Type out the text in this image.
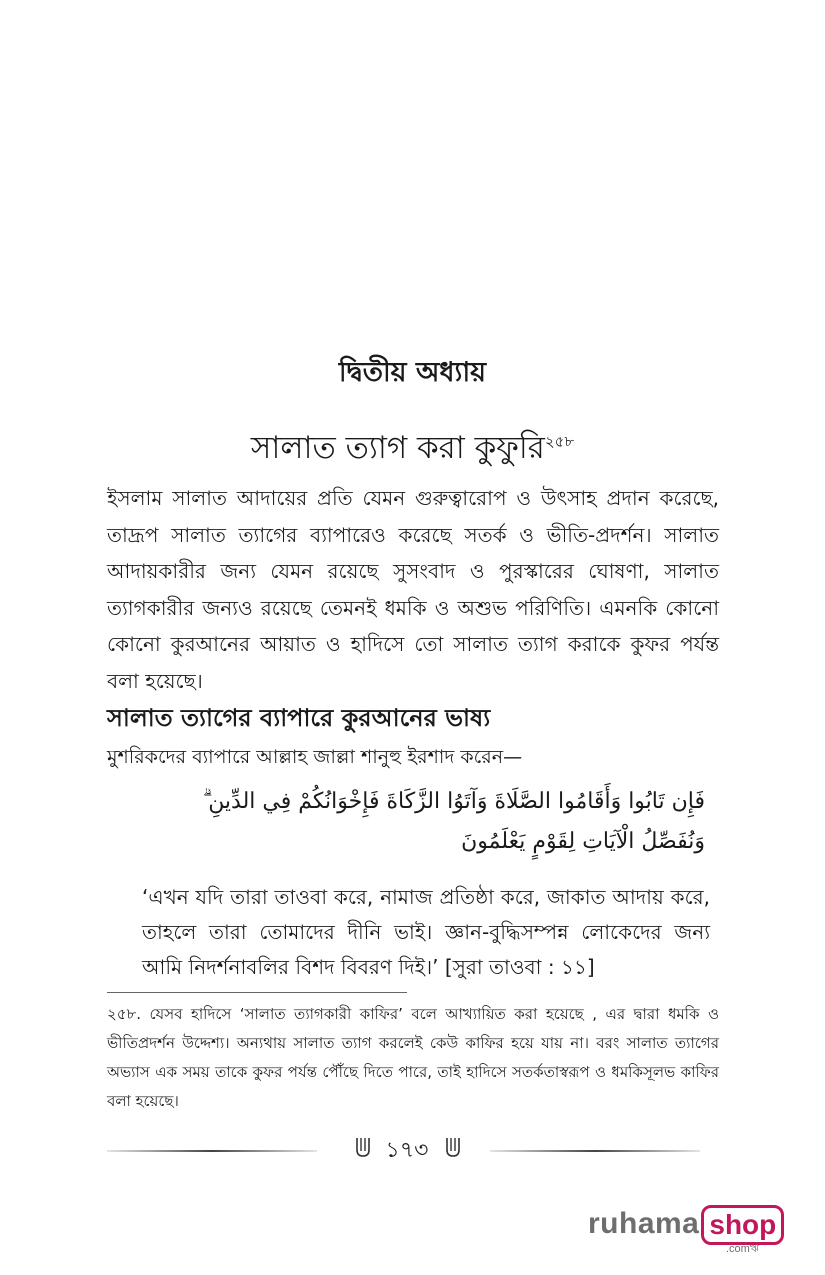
দ্বিতীয় অধ্যায়
সালাত ত্যাগ করা কুফুরি$^{২৫৮}$
ইসলাম সালাত আদায়ের প্রতি যেমন গুরুত্বারোপ ও উৎসাহ প্রদান করেছে, তাদ্রূপ সালাত ত্যাগের ব্যাপারেও করেছে সতর্ক ও ভীতি-প্রদর্শন। সালাত আদায়কারীর জন্য যেমন রয়েছে সুসংবাদ ও পুরস্কারের ঘোষণা, সালাত ত্যাগকারীর জন্যও রয়েছে তেমনই ধমকি ও অশুভ পরিণিতি। এমনকি কোনো কোনো কুরআনের আয়াত ও হাদিসে তো সালাত ত্যাগ করাকে কুফর পর্যন্ত বলা হয়েছে।
সালাত ত্যাগের ব্যাপারে কুরআনের ভাষ্য
মুশরিকদের ব্যাপারে আল্লাহ জাল্লা শানুহু ইরশাদ করেন—
فَإِن تَابُوا وَأَقَامُوا الصَّلَاةَ وَآتَوُا الزَّكَاةَ فَإِخْوَانُكُمْ فِي الدِّينِ ۗ وَنُفَصِّلُ الْآيَاتِ لِقَوْمٍ يَعْلَمُونَ
‘এখন যদি তারা তাওবা করে, নামাজ প্রতিষ্ঠা করে, জাকাত আদায় করে, তাহলে তারা তোমাদের দীনি ভাই। জ্ঞান-বুদ্ধিসম্পন্ন লোকেদের জন্য আমি নিদর্শনাবলির বিশদ বিবরণ দিই।’ [সুরা তাওবা : ১১]
২৫৮. যেসব হাদিসে ‘সালাত ত্যাগকারী কাফির’ বলে আখ্যায়িত করা হয়েছে , এর দ্বারা ধমকি ও ভীতিপ্রদর্শন উদ্দেশ্য। অন্যথায় সালাত ত্যাগ করলেই কেউ কাফির হয়ে যায় না। বরং সালাত ত্যাগের অভ্যাস এক সময় তাকে কুফর পর্যন্ত পৌঁছে দিতে পারে, তাই হাদিসে সতর্কতাস্বরূপ ও ধমকিসূলভ কাফির বলা হয়েছে।
১৭৩
ruhama shop
.comঋ
